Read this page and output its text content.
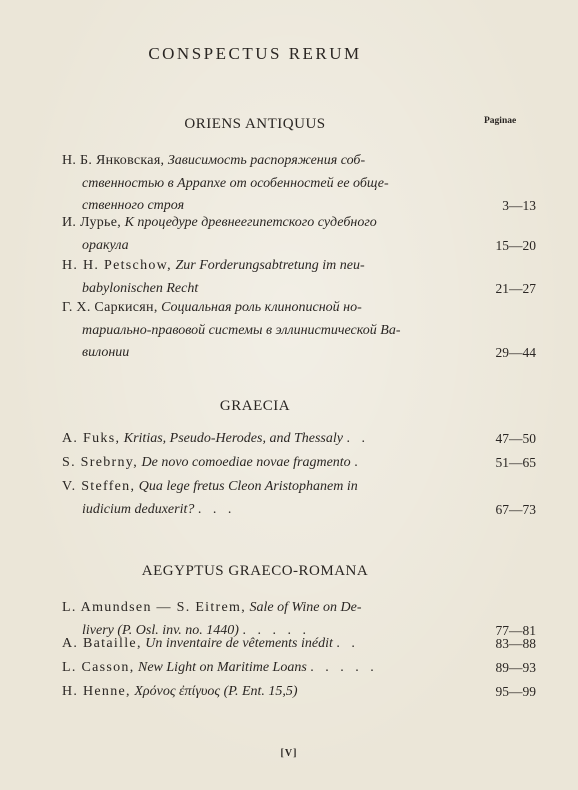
CONSPECTUS RERUM
ORIENS ANTIQUUS	Paginae
Н. Б. Янковская, Зависимость распоряжения соб-
ственностью в Аррапхе от особенностей ее обще-
ственного строя	3—13
И. Лурье, К процедуре древнеегипетского судебного
оракула	15—20
H. H. Petschow, Zur Forderungsabtretung im neu-
babylonischen Recht	21—27
Г. Х. Саркисян, Социальная роль клинописной но-
тариально-правовой системы в эллинистической Ва-
вилонии	29—44
GRAECIA
A. Fuks, Kritias, Pseudo-Herodes, and Thessaly . .	47—50
S. Srebrny, De novo comoediae novae fragmento .	51—65
V. Steffen, Qua lege fretus Cleon Aristophanem in
iudicium deduxerit? . . .	67—73
AEGYPTUS GRAECO-ROMANA
L. Amundsen — S. Eitrem, Sale of Wine on De-
livery (P. Osl. inv. no. 1440) . . . . .	77—81
A. Bataille, Un inventaire de vêtements inédit . .	83—88
L. Casson, New Light on Maritime Loans . . . . .	89—93
H. Henne, Χρόνος ἐπίγυος (P. Ent. 15,5)	95—99
[V]
